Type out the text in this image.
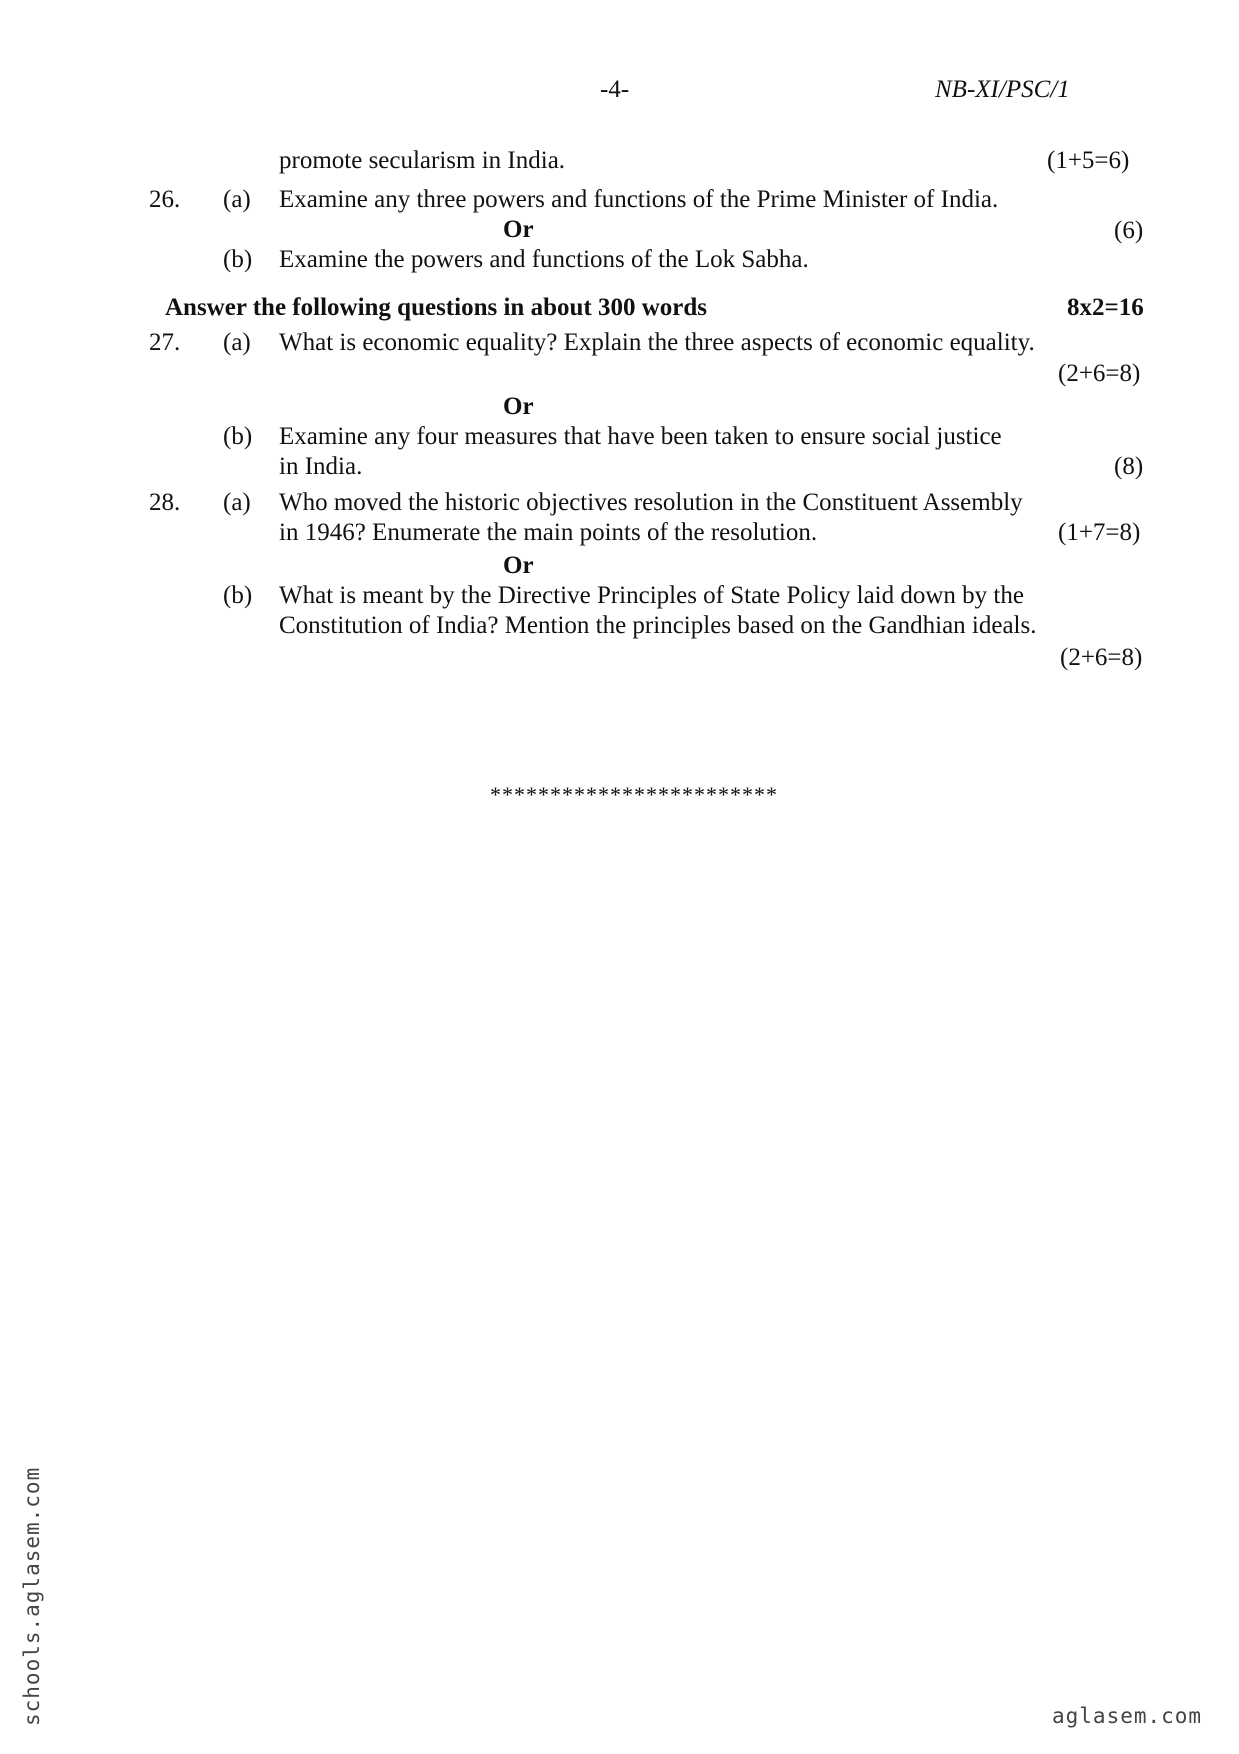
-4-	NB-XI/PSC/1
promote secularism in India.	(1+5=6)
26. (a) Examine any three powers and functions of the Prime Minister of India.
Or	(6)
(b) Examine the powers and functions of the Lok Sabha.
Answer the following questions in about 300 words	8x2=16
27. (a) What is economic equality? Explain the three aspects of economic equality.
(2+6=8)
Or
(b) Examine any four measures that have been taken to ensure social justice
in India.	(8)
28. (a) Who moved the historic objectives resolution in the Constituent Assembly
in 1946? Enumerate the main points of the resolution.	(1+7=8)
Or
(b) What is meant by the Directive Principles of State Policy laid down by the
Constitution of India? Mention the principles based on the Gandhian ideals.
(2+6=8)
************************
schools.aglasem.com	aglasem.com
